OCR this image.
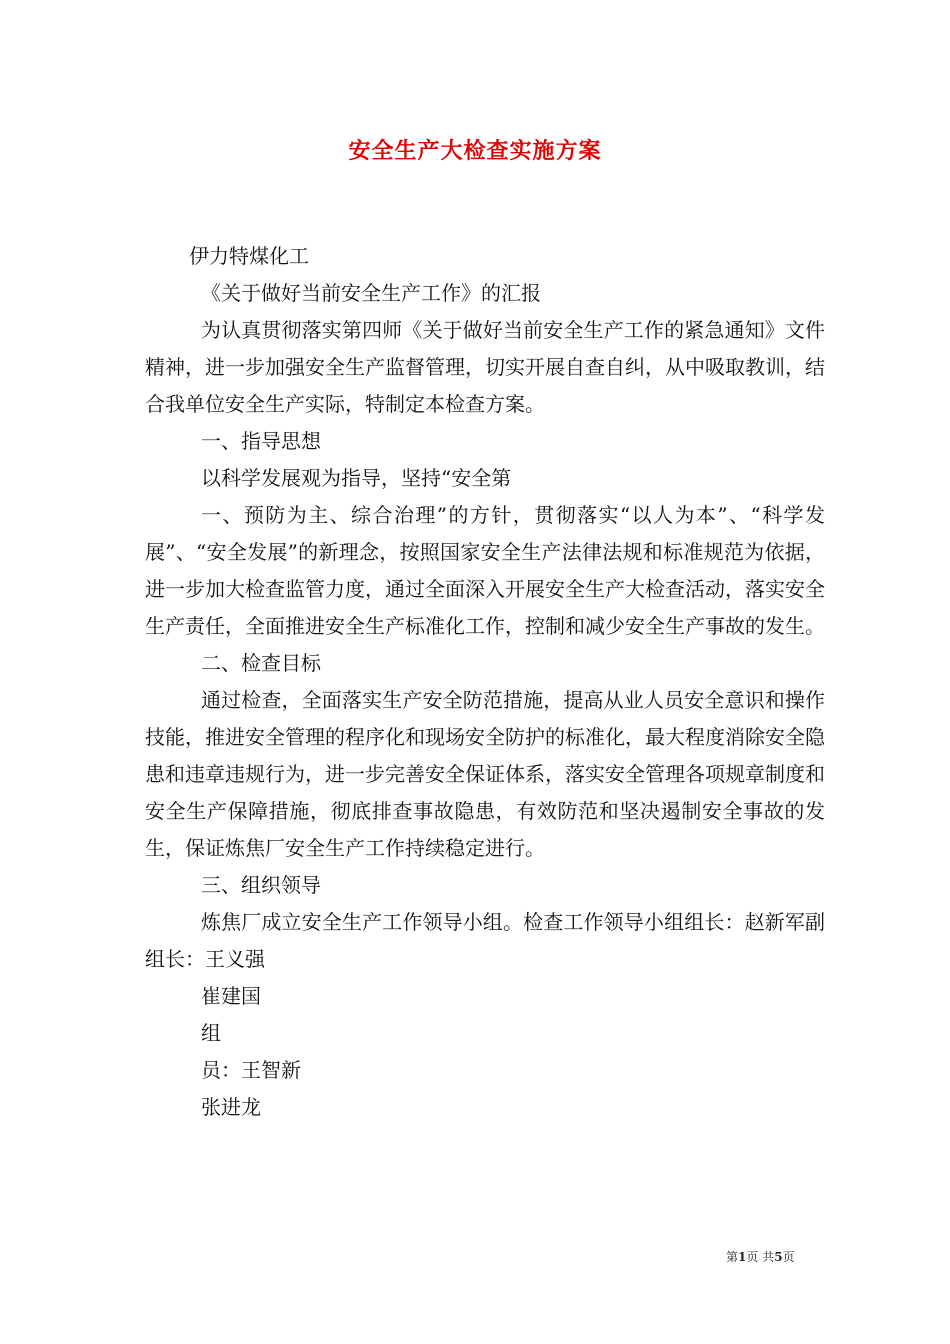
安全生产大检查实施方案

伊力特煤化工

《关于做好当前安全生产工作》的汇报

为认真贯彻落实第四师《关于做好当前安全生产工作的紧急通知》文件精神，进一步加强安全生产监督管理，切实开展自查自纠，从中吸取教训，结合我单位安全生产实际，特制定本检查方案。

一、指导思想

以科学发展观为指导，坚持“安全第

一、预防为主、综合治理”的方针，贯彻落实“以人为本”、“科学发展”、“安全发展”的新理念，按照国家安全生产法律法规和标准规范为依据，进一步加大检查监管力度，通过全面深入开展安全生产大检查活动，落实安全生产责任，全面推进安全生产标准化工作，控制和减少安全生产事故的发生。

二、检查目标

通过检查，全面落实生产安全防范措施，提高从业人员安全意识和操作技能，推进安全管理的程序化和现场安全防护的标准化，最大程度消除安全隐患和违章违规行为，进一步完善安全保证体系，落实安全管理各项规章制度和安全生产保障措施，彻底排查事故隐患，有效防范和坚决遏制安全事故的发生，保证炼焦厂安全生产工作持续稳定进行。

三、组织领导

炼焦厂成立安全生产工作领导小组。检查工作领导小组组长：赵新军副组长：王义强

崔建国

组

员：王智新

张进龙

第1页 共5页
